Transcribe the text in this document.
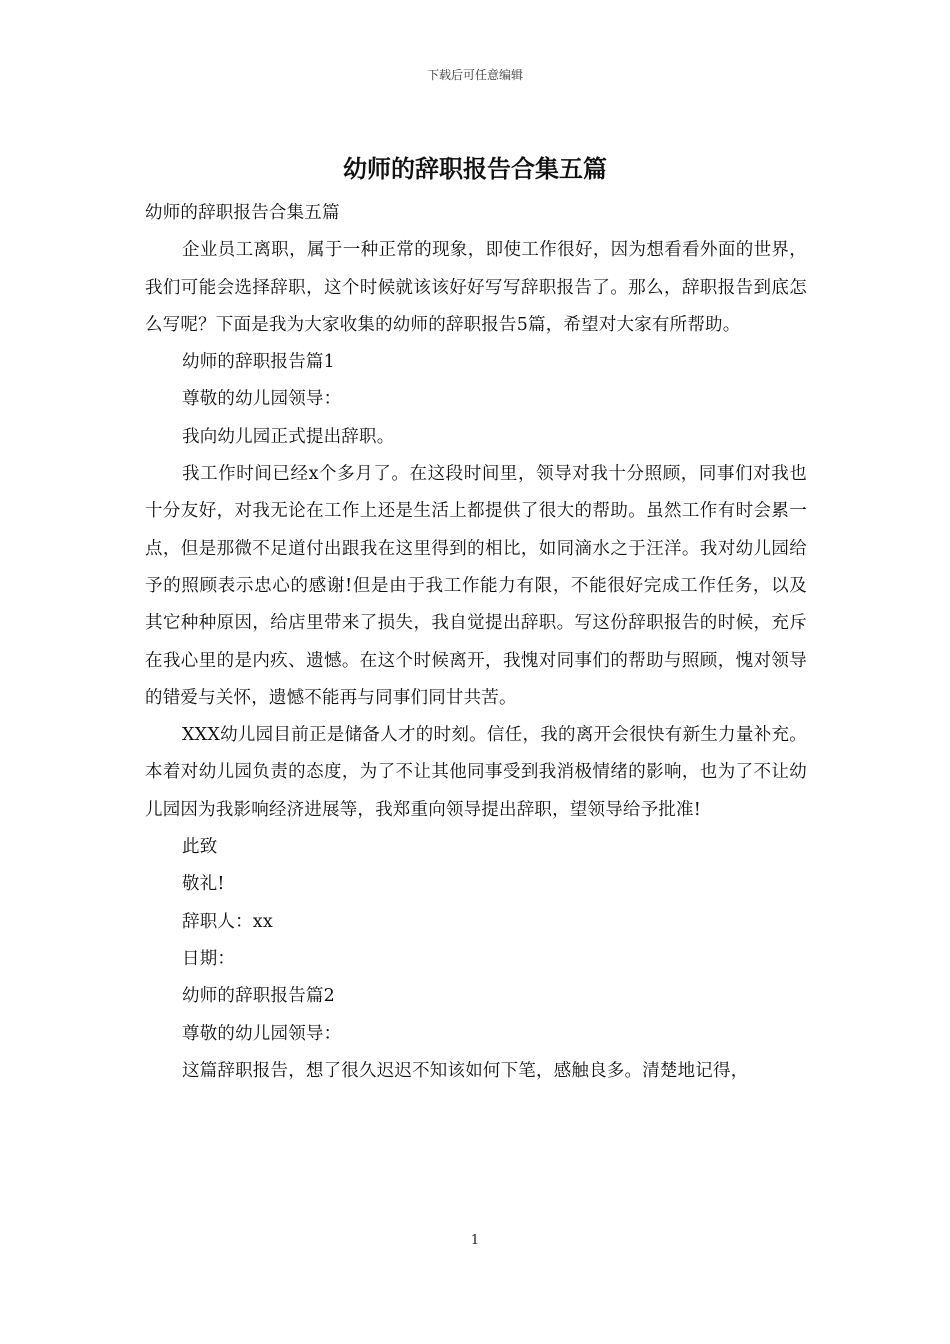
下载后可任意编辑
幼师的辞职报告合集五篇

幼师的辞职报告合集五篇

企业员工离职，属于一种正常的现象，即使工作很好，因为想看看外面的世界，我们可能会选择辞职，这个时候就该该好好写写辞职报告了。那么，辞职报告到底怎么写呢？下面是我为大家收集的幼师的辞职报告5篇，希望对大家有所帮助。

幼师的辞职报告篇1

尊敬的幼儿园领导：

我向幼儿园正式提出辞职。

我工作时间已经x个多月了。在这段时间里，领导对我十分照顾，同事们对我也十分友好，对我无论在工作上还是生活上都提供了很大的帮助。虽然工作有时会累一点，但是那微不足道付出跟我在这里得到的相比，如同滴水之于汪洋。我对幼儿园给予的照顾表示忠心的感谢!但是由于我工作能力有限，不能很好完成工作任务，以及其它种种原因，给店里带来了损失，我自觉提出辞职。写这份辞职报告的时候，充斥在我心里的是内疚、遗憾。在这个时候离开，我愧对同事们的帮助与照顾，愧对领导的错爱与关怀，遗憾不能再与同事们同甘共苦。

XXX幼儿园目前正是储备人才的时刻。信任，我的离开会很快有新生力量补充。本着对幼儿园负责的态度，为了不让其他同事受到我消极情绪的影响，也为了不让幼儿园因为我影响经济进展等，我郑重向领导提出辞职，望领导给予批准!

此致

敬礼!

辞职人：xx

日期：

幼师的辞职报告篇2

尊敬的幼儿园领导：

这篇辞职报告，想了很久迟迟不知该如何下笔，感触良多。清楚地记得，

1
